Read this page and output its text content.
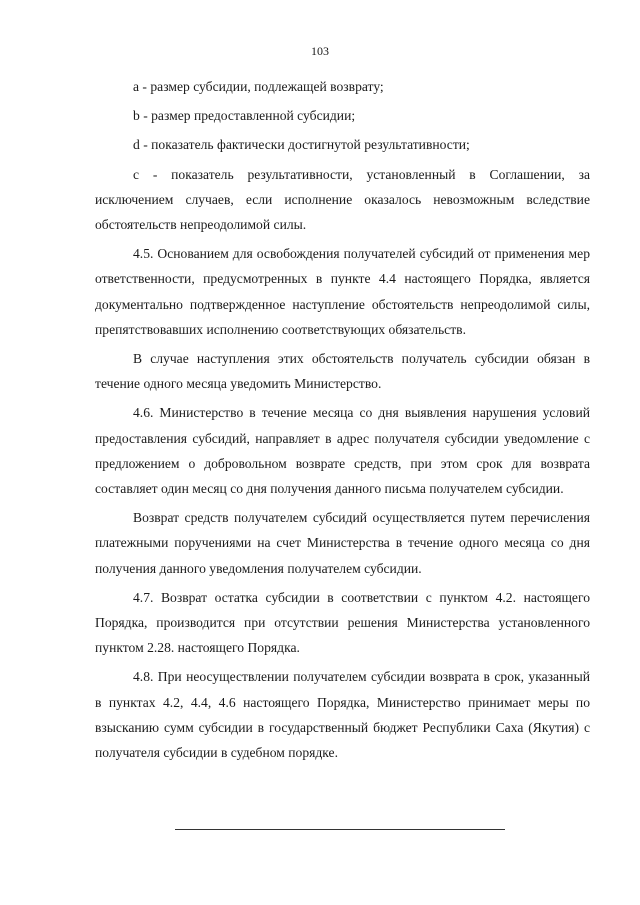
103

a - размер субсидии, подлежащей возврату;

b - размер предоставленной субсидии;

d - показатель фактически достигнутой результативности;

с - показатель результативности, установленный в Соглашении, за исключением случаев, если исполнение оказалось невозможным вследствие обстоятельств непреодолимой силы.

4.5. Основанием для освобождения получателей субсидий от применения мер ответственности, предусмотренных в пункте 4.4 настоящего Порядка, является документально подтвержденное наступление обстоятельств непреодолимой силы, препятствовавших исполнению соответствующих обязательств.

В случае наступления этих обстоятельств получатель субсидии обязан в течение одного месяца уведомить Министерство.

4.6. Министерство в течение месяца со дня выявления нарушения условий предоставления субсидий, направляет в адрес получателя субсидии уведомление с предложением о добровольном возврате средств, при этом срок для возврата составляет один месяц со дня получения данного письма получателем субсидии.

Возврат средств получателем субсидий осуществляется путем перечисления платежными поручениями на счет Министерства в течение одного месяца со дня получения данного уведомления получателем субсидии.

4.7. Возврат остатка субсидии в соответствии с пунктом 4.2. настоящего Порядка, производится при отсутствии решения Министерства установленного пунктом 2.28. настоящего Порядка.

4.8. При неосуществлении получателем субсидии возврата в срок, указанный в пунктах 4.2, 4.4, 4.6 настоящего Порядка, Министерство принимает меры по взысканию сумм субсидии в государственный бюджет Республики Саха (Якутия) с получателя субсидии в судебном порядке.
